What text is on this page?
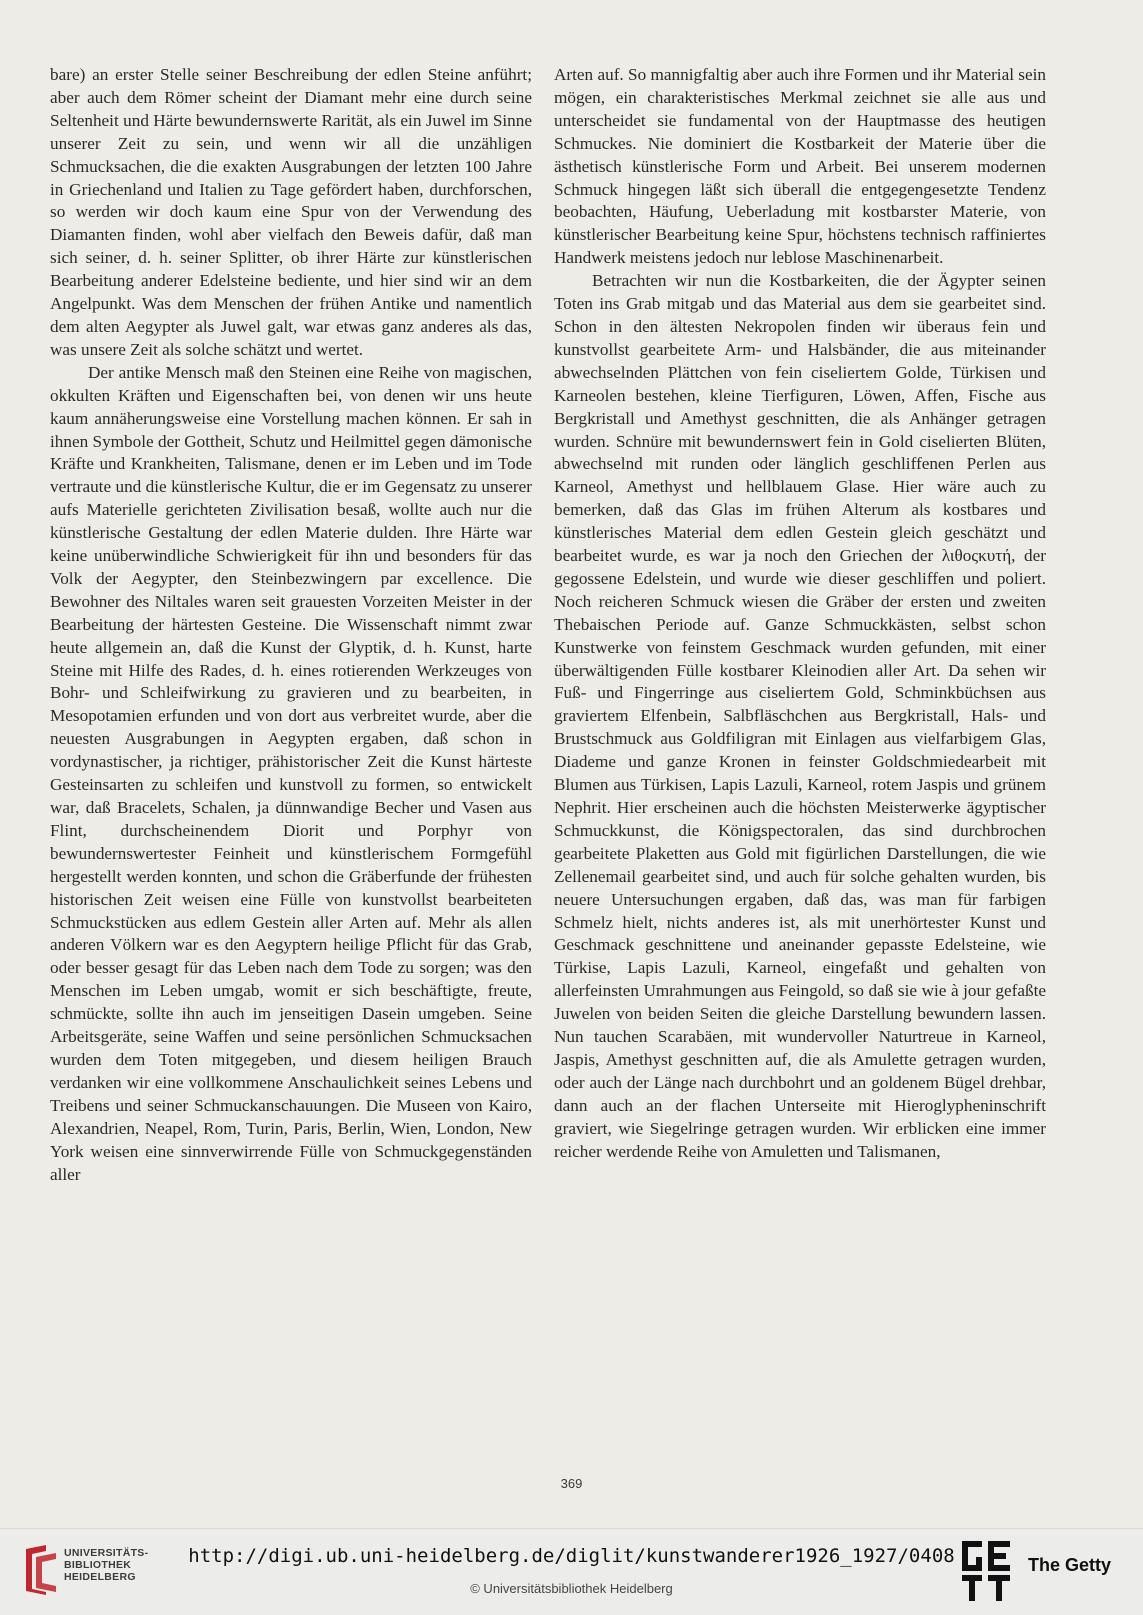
bare) an erster Stelle seiner Beschreibung der edlen Steine anführt; aber auch dem Römer scheint der Diamant mehr eine durch seine Seltenheit und Härte bewundernswerte Rarität, als ein Juwel im Sinne unserer Zeit zu sein, und wenn wir all die unzähligen Schmucksachen, die die exakten Ausgrabungen der letzten 100 Jahre in Griechenland und Italien zu Tage gefördert haben, durchforschen, so werden wir doch kaum eine Spur von der Verwendung des Diamanten finden, wohl aber vielfach den Beweis dafür, daß man sich seiner, d. h. seiner Splitter, ob ihrer Härte zur künstlerischen Bearbeitung anderer Edelsteine bediente, und hier sind wir an dem Angelpunkt. Was dem Menschen der frühen Antike und namentlich dem alten Aegypter als Juwel galt, war etwas ganz anderes als das, was unsere Zeit als solche schätzt und wertet.

Der antike Mensch maß den Steinen eine Reihe von magischen, okkulten Kräften und Eigenschaften bei, von denen wir uns heute kaum annäherungsweise eine Vorstellung machen können. Er sah in ihnen Symbole der Gottheit, Schutz und Heilmittel gegen dämonische Kräfte und Krankheiten, Talismane, denen er im Leben und im Tode vertraute und die künstlerische Kultur, die er im Gegensatz zu unserer aufs Materielle gerichteten Zivilisation besaß, wollte auch nur die künstlerische Gestaltung der edlen Materie dulden. Ihre Härte war keine unüberwindliche Schwierigkeit für ihn und besonders für das Volk der Aegypter, den Steinbezwingern par excellence. Die Bewohner des Niltales waren seit grauesten Vorzeiten Meister in der Bearbeitung der härtesten Gesteine. Die Wissenschaft nimmt zwar heute allgemein an, daß die Kunst der Glyptik, d. h. Kunst, harte Steine mit Hilfe des Rades, d. h. eines rotierenden Werkzeuges von Bohr- und Schleifwirkung zu gravieren und zu bearbeiten, in Mesopotamien erfunden und von dort aus verbreitet wurde, aber die neuesten Ausgrabungen in Aegypten ergaben, daß schon in vordynastischer, ja richtiger, prähistorischer Zeit die Kunst härteste Gesteinsarten zu schleifen und kunstvoll zu formen, so entwickelt war, daß Bracelets, Schalen, ja dünnwandige Becher und Vasen aus Flint, durchscheinendem Diorit und Porphyr von bewundernswertester Feinheit und künstlerischem Formgefühl hergestellt werden konnten, und schon die Gräberfunde der frühesten historischen Zeit weisen eine Fülle von kunstvollst bearbeiteten Schmuckstücken aus edlem Gestein aller Arten auf. Mehr als allen anderen Völkern war es den Aegyptern heilige Pflicht für das Grab, oder besser gesagt für das Leben nach dem Tode zu sorgen; was den Menschen im Leben umgab, womit er sich beschäftigte, freute, schmückte, sollte ihn auch im jenseitigen Dasein umgeben. Seine Arbeitsgeräte, seine Waffen und seine persönlichen Schmucksachen wurden dem Toten mitgegeben, und diesem heiligen Brauch verdanken wir eine vollkommene Anschaulichkeit seines Lebens und Treibens und seiner Schmuckanschauungen. Die Museen von Kairo, Alexandrien, Neapel, Rom, Turin, Paris, Berlin, Wien, London, New York weisen eine sinnverwirrende Fülle von Schmuckgegenständen aller

Arten auf. So mannigfaltig aber auch ihre Formen und ihr Material sein mögen, ein charakteristisches Merkmal zeichnet sie alle aus und unterscheidet sie fundamental von der Hauptmasse des heutigen Schmuckes. Nie dominiert die Kostbarkeit der Materie über die ästhetisch künstlerische Form und Arbeit. Bei unserem modernen Schmuck hingegen läßt sich überall die entgegengesetzte Tendenz beobachten, Häufung, Ueberladung mit kostbarster Materie, von künstlerischer Bearbeitung keine Spur, höchstens technisch raffiniertes Handwerk meistens jedoch nur leblose Maschinenarbeit.

Betrachten wir nun die Kostbarkeiten, die der Ägypter seinen Toten ins Grab mitgab und das Material aus dem sie gearbeitet sind. Schon in den ältesten Nekropolen finden wir überaus fein und kunstvollst gearbeitete Arm- und Halsbänder, die aus miteinander abwechselnden Plättchen von fein ciseliertem Golde, Türkisen und Karneolen bestehen, kleine Tierfiguren, Löwen, Affen, Fische aus Bergkristall und Amethyst geschnitten, die als Anhänger getragen wurden. Schnüre mit bewundernswert fein in Gold ciselierten Blüten, abwechselnd mit runden oder länglich geschliffenen Perlen aus Karneol, Amethyst und hellblauem Glase. Hier wäre auch zu bemerken, daß das Glas im frühen Alterum als kostbares und künstlerisches Material dem edlen Gestein gleich geschätzt und bearbeitet wurde, es war ja noch den Griechen der λιθοςκυτή, der gegossene Edelstein, und wurde wie dieser geschliffen und poliert. Noch reicheren Schmuck wiesen die Gräber der ersten und zweiten Thebaischen Periode auf. Ganze Schmuckkästen, selbst schon Kunstwerke von feinstem Geschmack wurden gefunden, mit einer überwältigenden Fülle kostbarer Kleinodien aller Art. Da sehen wir Fuß- und Fingerringe aus ciseliertem Gold, Schminkbüchsen aus graviertem Elfenbein, Salbfläschchen aus Bergkristall, Hals- und Brustschmuck aus Goldfiligran mit Einlagen aus vielfarbigem Glas, Diademe und ganze Kronen in feinster Goldschmiedearbeit mit Blumen aus Türkisen, Lapis Lazuli, Karneol, rotem Jaspis und grünem Nephrit. Hier erscheinen auch die höchsten Meisterwerke ägyptischer Schmuckkunst, die Königspectoralen, das sind durchbrochen gearbeitete Plaketten aus Gold mit figürlichen Darstellungen, die wie Zellenemail gearbeitet sind, und auch für solche gehalten wurden, bis neuere Untersuchungen ergaben, daß das, was man für farbigen Schmelz hielt, nichts anderes ist, als mit unerhörtester Kunst und Geschmack geschnittene und aneinander gepasste Edelsteine, wie Türkise, Lapis Lazuli, Karneol, eingefaßt und gehalten von allerfeinsten Umrahmungen aus Feingold, so daß sie wie à jour gefaßte Juwelen von beiden Seiten die gleiche Darstellung bewundern lassen. Nun tauchen Scarabäen, mit wundervoller Naturtreue in Karneol, Jaspis, Amethyst geschnitten auf, die als Amulette getragen wurden, oder auch der Länge nach durchbohrt und an goldenem Bügel drehbar, dann auch an der flachen Unterseite mit Hieroglypheninschrift graviert, wie Siegelringe getragen wurden. Wir erblicken eine immer reicher werdende Reihe von Amuletten und Talismanen,

369
UNIVERSITÄTS-
BIBLIOTHEK
HEIDELBERG
http://digi.ub.uni-heidelberg.de/diglit/kunstwanderer1926_1927/0408
© Universitätsbibliothek Heidelberg
The Getty
